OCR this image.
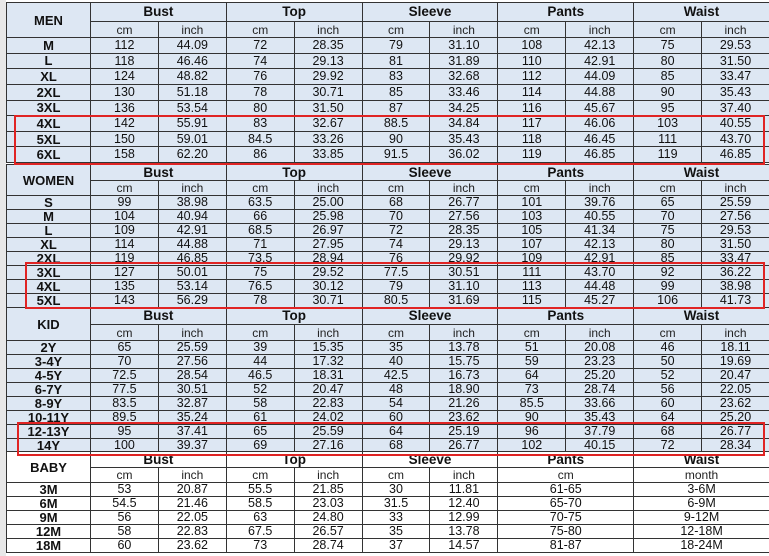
MEN	Bust		Top		Sleeve		Pants		Waist	
	cm	inch	cm	inch	cm	inch	cm	inch	cm	inch
M	112	44.09	72	28.35	79	31.10	108	42.13	75	29.53
L	118	46.46	74	29.13	81	31.89	110	42.91	80	31.50
XL	124	48.82	76	29.92	83	32.68	112	44.09	85	33.47
2XL	130	51.18	78	30.71	85	33.46	114	44.88	90	35.43
3XL	136	53.54	80	31.50	87	34.25	116	45.67	95	37.40
4XL	142	55.91	83	32.67	88.5	34.84	117	46.06	103	40.55
5XL	150	59.01	84.5	33.26	90	35.43	118	46.45	111	43.70
6XL	158	62.20	86	33.85	91.5	36.02	119	46.85	119	46.85
WOMEN	Bust		Top		Sleeve		Pants		Waist	
	cm	inch	cm	inch	cm	inch	cm	inch	cm	inch
S	99	38.98	63.5	25.00	68	26.77	101	39.76	65	25.59
M	104	40.94	66	25.98	70	27.56	103	40.55	70	27.56
L	109	42.91	68.5	26.97	72	28.35	105	41.34	75	29.53
XL	114	44.88	71	27.95	74	29.13	107	42.13	80	31.50
2XL	119	46.85	73.5	28.94	76	29.92	109	42.91	85	33.47
3XL	127	50.01	75	29.52	77.5	30.51	111	43.70	92	36.22
4XL	135	53.14	76.5	30.12	79	31.10	113	44.48	99	38.98
5XL	143	56.29	78	30.71	80.5	31.69	115	45.27	106	41.73
KID	Bust		Top		Sleeve		Pants		Waist	
	cm	inch	cm	inch	cm	inch	cm	inch	cm	inch
2Y	65	25.59	39	15.35	35	13.78	51	20.08	46	18.11
3-4Y	70	27.56	44	17.32	40	15.75	59	23.23	50	19.69
4-5Y	72.5	28.54	46.5	18.31	42.5	16.73	64	25.20	52	20.47
6-7Y	77.5	30.51	52	20.47	48	18.90	73	28.74	56	22.05
8-9Y	83.5	32.87	58	22.83	54	21.26	85.5	33.66	60	23.62
10-11Y	89.5	35.24	61	24.02	60	23.62	90	35.43	64	25.20
12-13Y	95	37.41	65	25.59	64	25.19	96	37.79	68	26.77
14Y	100	39.37	69	27.16	68	26.77	102	40.15	72	28.34
BABY	Bust		Top		Sleeve		Pants	Waist
	cm	inch	cm	inch	cm	inch	cm	month
3M	53	20.87	55.5	21.85	30	11.81	61-65	3-6M
6M	54.5	21.46	58.5	23.03	31.5	12.40	65-70	6-9M
9M	56	22.05	63	24.80	33	12.99	70-75	9-12M
12M	58	22.83	67.5	26.57	35	13.78	75-80	12-18M
18M	60	23.62	73	28.74	37	14.57	81-87	18-24M
